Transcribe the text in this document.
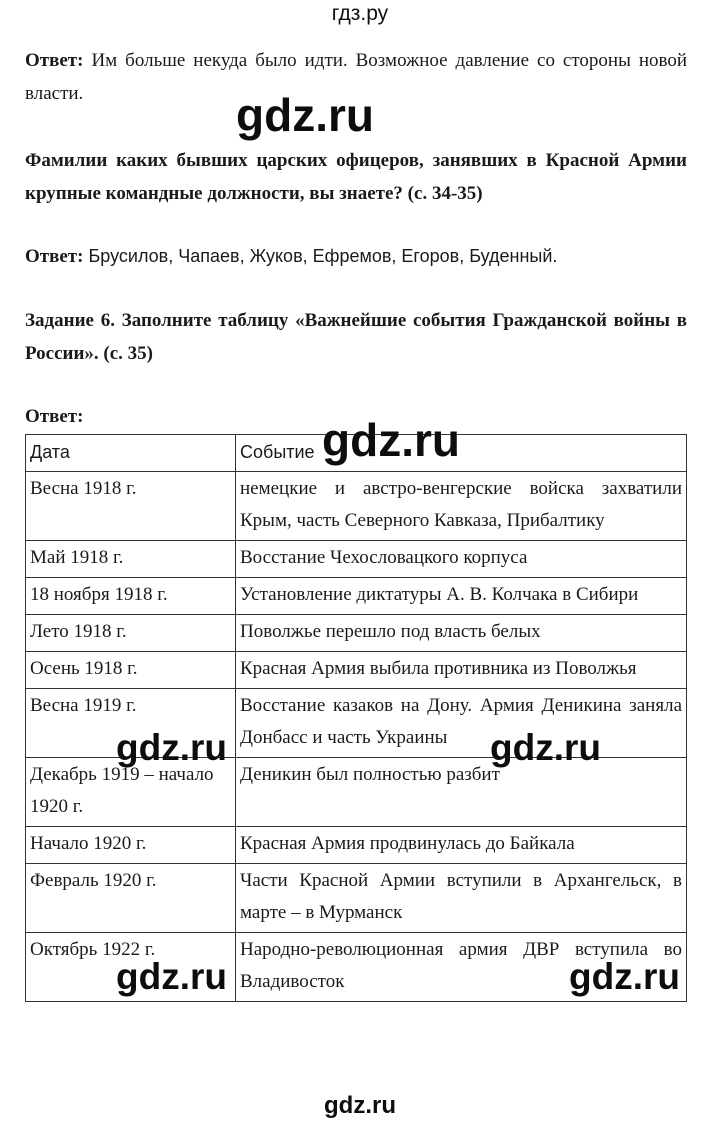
гдз.ру
Ответ: Им больше некуда было идти. Возможное давление со стороны новой власти.	gdz.ru
Фамилии каких бывших царских офицеров, занявших в Красной Армии крупные командные должности, вы знаете? (с. 34-35)
Ответ: Брусилов, Чапаев, Жуков, Ефремов, Егоров, Буденный.
Задание 6. Заполните таблицу «Важнейшие события Гражданской войны в России». (с. 35)
Ответ:
Дата	Событие
Весна 1918 г.	немецкие и австро-венгерские войска захватили Крым, часть Северного Кавказа, Прибалтику
Май 1918 г.	Восстание Чехословацкого корпуса
18 ноября 1918 г.	Установление диктатуры А. В. Колчака в Сибири
Лето 1918 г.	Поволжье перешло под власть белых
Осень 1918 г.	Красная Армия выбила противника из Поволжья
Весна 1919 г.	Восстание казаков на Дону. Армия Деникина заняла Донбасс и часть Украины
Декабрь 1919 – начало 1920 г.	Деникин был полностью разбит
Начало 1920 г.	Красная Армия продвинулась до Байкала
Февраль 1920 г.	Части Красной Армии вступили в Архангельск, в марте – в Мурманск
Октябрь 1922 г.	Народно-революционная армия ДВР вступила во Владивосток
gdz.ru
gdz.ru	gdz.ru
gdz.ru	gdz.ru
gdz.ru
